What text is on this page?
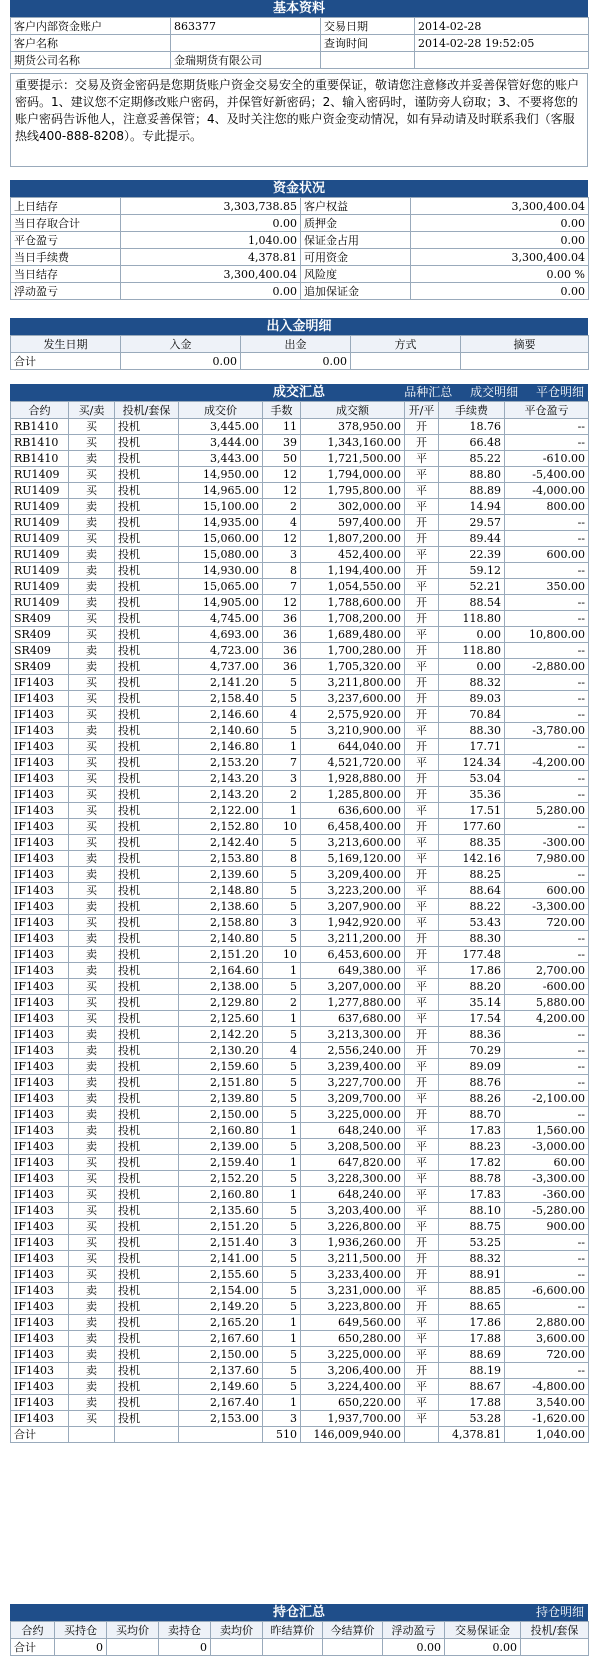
基本资料
客户内部资金账户	863377	交易日期	2014-02-28
客户名称		查询时间	2014-02-28 19:52:05
期货公司名称	金瑞期货有限公司		
重要提示：交易及资金密码是您期货账户资金交易安全的重要保证，敬请您注意修改并妥善保管好您的账户密码。1、建议您不定期修改账户密码，并保管好新密码；2、输入密码时，谨防旁人窃取；3、不要将您的账户密码告诉他人，注意妥善保管；4、及时关注您的账户资金变动情况，如有异动请及时联系我们（客服热线400-888-8208）。专此提示。
资金状况
上日结存	3,303,738.85	客户权益	3,300,400.04
当日存取合计	0.00	质押金	0.00
平仓盈亏	1,040.00	保证金占用	0.00
当日手续费	4,378.81	可用资金	3,300,400.04
当日结存	3,300,400.04	风险度	0.00 %
浮动盈亏	0.00	追加保证金	0.00
出入金明细
发生日期	入金	出金	方式	摘要
合计	0.00	0.00		
成交汇总	品种汇总 成交明细 平仓明细
合约	买/卖	投机/套保	成交价	手数	成交额	开/平	手续费	平仓盈亏
RB1410	买	投机	3,445.00	11	378,950.00	开	18.76	--
RB1410	买	投机	3,444.00	39	1,343,160.00	开	66.48	--
RB1410	卖	投机	3,443.00	50	1,721,500.00	平	85.22	-610.00
RU1409	买	投机	14,950.00	12	1,794,000.00	平	88.80	-5,400.00
RU1409	买	投机	14,965.00	12	1,795,800.00	平	88.89	-4,000.00
RU1409	卖	投机	15,100.00	2	302,000.00	平	14.94	800.00
RU1409	卖	投机	14,935.00	4	597,400.00	开	29.57	--
RU1409	买	投机	15,060.00	12	1,807,200.00	开	89.44	--
RU1409	卖	投机	15,080.00	3	452,400.00	平	22.39	600.00
RU1409	卖	投机	14,930.00	8	1,194,400.00	开	59.12	--
RU1409	卖	投机	15,065.00	7	1,054,550.00	平	52.21	350.00
RU1409	卖	投机	14,905.00	12	1,788,600.00	开	88.54	--
SR409	买	投机	4,745.00	36	1,708,200.00	开	118.80	--
SR409	买	投机	4,693.00	36	1,689,480.00	平	0.00	10,800.00
SR409	卖	投机	4,723.00	36	1,700,280.00	开	118.80	--
SR409	卖	投机	4,737.00	36	1,705,320.00	平	0.00	-2,880.00
IF1403	买	投机	2,141.20	5	3,211,800.00	开	88.32	--
IF1403	买	投机	2,158.40	5	3,237,600.00	开	89.03	--
IF1403	买	投机	2,146.60	4	2,575,920.00	开	70.84	--
IF1403	卖	投机	2,140.60	5	3,210,900.00	平	88.30	-3,780.00
IF1403	买	投机	2,146.80	1	644,040.00	开	17.71	--
IF1403	买	投机	2,153.20	7	4,521,720.00	平	124.34	-4,200.00
IF1403	买	投机	2,143.20	3	1,928,880.00	开	53.04	--
IF1403	买	投机	2,143.20	2	1,285,800.00	开	35.36	--
IF1403	买	投机	2,122.00	1	636,600.00	平	17.51	5,280.00
IF1403	买	投机	2,152.80	10	6,458,400.00	开	177.60	--
IF1403	买	投机	2,142.40	5	3,213,600.00	平	88.35	-300.00
IF1403	卖	投机	2,153.80	8	5,169,120.00	平	142.16	7,980.00
IF1403	卖	投机	2,139.60	5	3,209,400.00	开	88.25	--
IF1403	买	投机	2,148.80	5	3,223,200.00	平	88.64	600.00
IF1403	卖	投机	2,138.60	5	3,207,900.00	平	88.22	-3,300.00
IF1403	买	投机	2,158.80	3	1,942,920.00	平	53.43	720.00
IF1403	卖	投机	2,140.80	5	3,211,200.00	开	88.30	--
IF1403	卖	投机	2,151.20	10	6,453,600.00	开	177.48	--
IF1403	卖	投机	2,164.60	1	649,380.00	平	17.86	2,700.00
IF1403	买	投机	2,138.00	5	3,207,000.00	平	88.20	-600.00
IF1403	买	投机	2,129.80	2	1,277,880.00	平	35.14	5,880.00
IF1403	买	投机	2,125.60	1	637,680.00	平	17.54	4,200.00
IF1403	卖	投机	2,142.20	5	3,213,300.00	开	88.36	--
IF1403	卖	投机	2,130.20	4	2,556,240.00	开	70.29	--
IF1403	卖	投机	2,159.60	5	3,239,400.00	平	89.09	--
IF1403	卖	投机	2,151.80	5	3,227,700.00	开	88.76	--
IF1403	卖	投机	2,139.80	5	3,209,700.00	平	88.26	-2,100.00
IF1403	卖	投机	2,150.00	5	3,225,000.00	开	88.70	--
IF1403	卖	投机	2,160.80	1	648,240.00	平	17.83	1,560.00
IF1403	卖	投机	2,139.00	5	3,208,500.00	平	88.23	-3,000.00
IF1403	买	投机	2,159.40	1	647,820.00	平	17.82	60.00
IF1403	买	投机	2,152.20	5	3,228,300.00	平	88.78	-3,300.00
IF1403	买	投机	2,160.80	1	648,240.00	平	17.83	-360.00
IF1403	买	投机	2,135.60	5	3,203,400.00	平	88.10	-5,280.00
IF1403	买	投机	2,151.20	5	3,226,800.00	平	88.75	900.00
IF1403	买	投机	2,151.40	3	1,936,260.00	开	53.25	--
IF1403	买	投机	2,141.00	5	3,211,500.00	开	88.32	--
IF1403	买	投机	2,155.60	5	3,233,400.00	开	88.91	--
IF1403	卖	投机	2,154.00	5	3,231,000.00	平	88.85	-6,600.00
IF1403	卖	投机	2,149.20	5	3,223,800.00	开	88.65	--
IF1403	卖	投机	2,165.20	1	649,560.00	平	17.86	2,880.00
IF1403	卖	投机	2,167.60	1	650,280.00	平	17.88	3,600.00
IF1403	卖	投机	2,150.00	5	3,225,000.00	平	88.69	720.00
IF1403	卖	投机	2,137.60	5	3,206,400.00	开	88.19	--
IF1403	卖	投机	2,149.60	5	3,224,400.00	平	88.67	-4,800.00
IF1403	卖	投机	2,167.40	1	650,220.00	平	17.88	3,540.00
IF1403	买	投机	2,153.00	3	1,937,700.00	平	53.28	-1,620.00
合计				510	146,009,940.00		4,378.81	1,040.00
持仓汇总	持仓明细
合约	买持仓	买均价	卖持仓	卖均价	昨结算价	今结算价	浮动盈亏	交易保证金	投机/套保
合计	0		0				0.00	0.00	
